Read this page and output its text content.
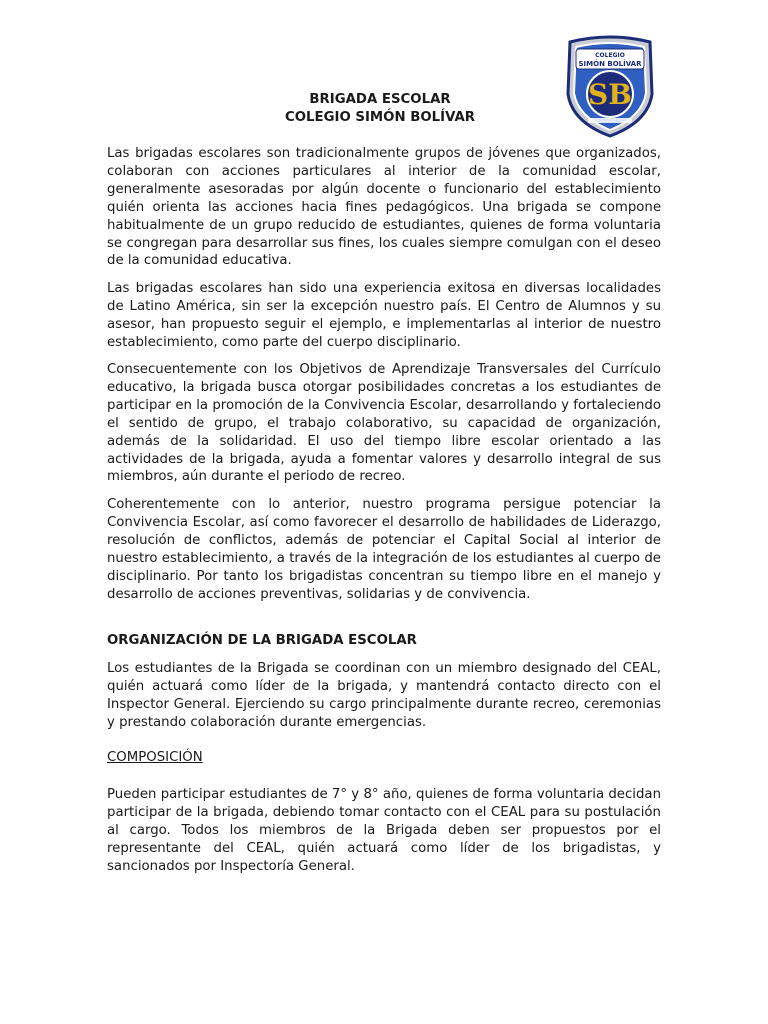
COLEGIO
SIMÓN BOLÍVAR
SB
BRIGADA ESCOLAR
COLEGIO SIMÓN BOLÍVAR

Las brigadas escolares son tradicionalmente grupos de jóvenes que organizados, colaboran con acciones particulares al interior de la comunidad escolar, generalmente asesoradas por algún docente o funcionario del establecimiento quién orienta las acciones hacia fines pedagógicos. Una brigada se compone habitualmente de un grupo reducido de estudiantes, quienes de forma voluntaria se congregan para desarrollar sus fines, los cuales siempre comulgan con el deseo de la comunidad educativa.

Las brigadas escolares han sido una experiencia exitosa en diversas localidades de Latino América, sin ser la excepción nuestro país. El Centro de Alumnos y su asesor, han propuesto seguir el ejemplo, e implementarlas al interior de nuestro establecimiento, como parte del cuerpo disciplinario.

Consecuentemente con los Objetivos de Aprendizaje Transversales del Currículo educativo, la brigada busca otorgar posibilidades concretas a los estudiantes de participar en la promoción de la Convivencia Escolar, desarrollando y fortaleciendo el sentido de grupo, el trabajo colaborativo, su capacidad de organización, además de la solidaridad. El uso del tiempo libre escolar orientado a las actividades de la brigada, ayuda a fomentar valores y desarrollo integral de sus miembros, aún durante el periodo de recreo.

Coherentemente con lo anterior, nuestro programa persigue potenciar la Convivencia Escolar, así como favorecer el desarrollo de habilidades de Liderazgo, resolución de conflictos, además de potenciar el Capital Social al interior de nuestro establecimiento, a través de la integración de los estudiantes al cuerpo de disciplinario. Por tanto los brigadistas concentran su tiempo libre en el manejo y desarrollo de acciones preventivas, solidarias y de convivencia.

ORGANIZACIÓN DE LA BRIGADA ESCOLAR

Los estudiantes de la Brigada se coordinan con un miembro designado del CEAL, quién actuará como líder de la brigada, y mantendrá contacto directo con el Inspector General. Ejerciendo su cargo principalmente durante recreo, ceremonias y prestando colaboración durante emergencias.

COMPOSICIÓN

Pueden participar estudiantes de 7° y 8° año, quienes de forma voluntaria decidan participar de la brigada, debiendo tomar contacto con el CEAL para su postulación al cargo. Todos los miembros de la Brigada deben ser propuestos por el representante del CEAL, quién actuará como líder de los brigadistas, y sancionados por Inspectoría General.
